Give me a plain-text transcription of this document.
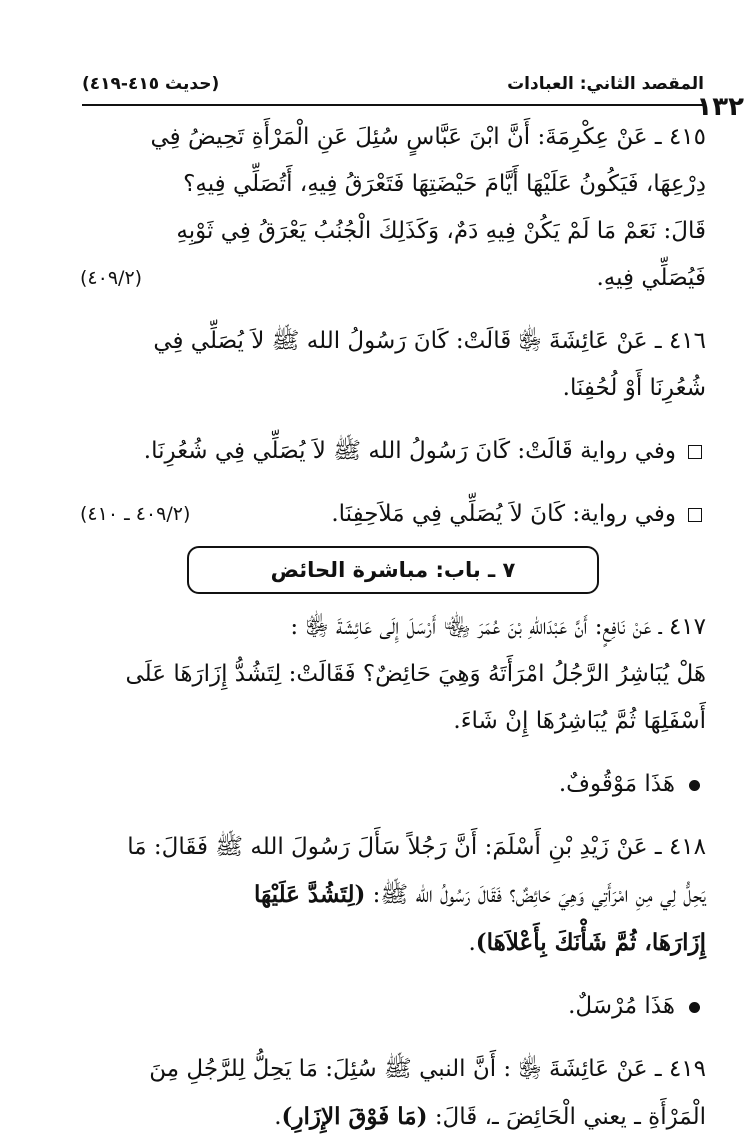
المقصد الثاني: العبادات
(حديث ٤١٥-٤١٩)
١٣٢

٤١٥ ـ عَنْ عِكْرِمَةَ: أَنَّ ابْنَ عَبَّاسٍ سُئِلَ عَنِ الْمَرْأَةِ تَحِيضُ فِي
دِرْعِهَا، فَيَكُونُ عَلَيْهَا أَيَّامَ حَيْضَتِهَا فَتَعْرَقُ فِيهِ، أَتُصَلِّي فِيهِ؟
قَالَ: نَعَمْ مَا لَمْ يَكُنْ فِيهِ دَمٌ، وَكَذَلِكَ الْجُنُبُ يَعْرَقُ فِي ثَوْبِهِ
فَيُصَلِّي فِيهِ.
(٤٠٩/٢)

٤١٦ ـ عَنْ عَائِشَةَ ﵂ قَالَتْ: كَانَ رَسُولُ الله ﷺ لاَ يُصَلِّي فِي
شُعُرِنَا أَوْ لُحُفِنَا.

وفي رواية قَالَتْ: كَانَ رَسُولُ الله ﷺ لاَ يُصَلِّي فِي شُعُرِنَا.

وفي رواية: كَانَ لاَ يُصَلِّي فِي مَلاَحِفِنَا.
(٤٠٩/٢ ـ ٤١٠)

٧ ـ باب: مباشرة الحائض

٤١٧ ـ عَنْ نَافِعٍ: أَنَّ عَبْدَاللهِ بْنَ عُمَرَ ﵄ أَرْسَلَ إِلَى عَائِشَةَ ﵂ :
هَلْ يُبَاشِرُ الرَّجُلُ امْرَأَتَهُ وَهِيَ حَائِضٌ؟ فَقَالَتْ: لِتَشُدُّ إِزَارَهَا عَلَى
أَسْفَلِهَا ثُمَّ يُبَاشِرُهَا إِنْ شَاءَ.

هَذَا مَوْقُوفٌ.

٤١٨ ـ عَنْ زَيْدِ بْنِ أَسْلَمَ: أَنَّ رَجُلاً سَأَلَ رَسُولَ الله ﷺ فَقَالَ: مَا
يَحِلُّ لِي مِنِ امْرَأَتِي وَهِيَ حَائِضٌ؟ فَقَالَ رَسُولُ الله ﷺ: (لِتَشُدَّ عَلَيْهَا
إِزَارَهَا، ثُمَّ شَأْنَكَ بِأَعْلاَهَا).

هَذَا مُرْسَلٌ.

٤١٩ ـ عَنْ عَائِشَةَ ﵂ : أَنَّ النبي ﷺ سُئِلَ: مَا يَحِلُّ لِلرَّجُلِ مِنَ
الْمَرْأَةِ ـ يعني الْحَائِضَ ـ، قَالَ: (مَا فَوْقَ الإِزَارِ).
